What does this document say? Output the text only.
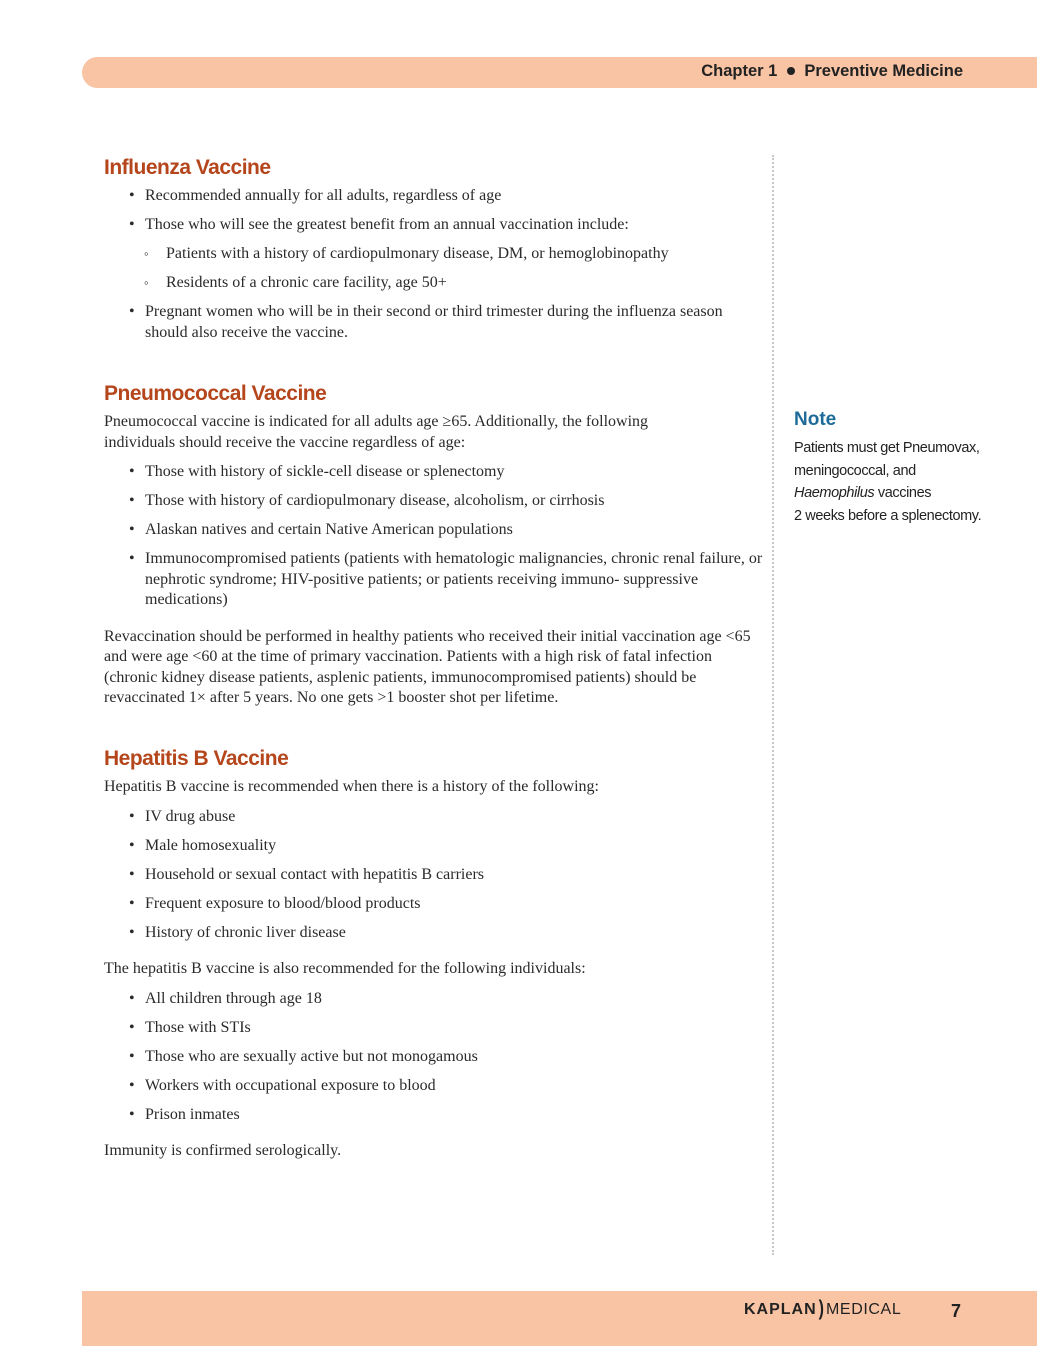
Chapter 1 Preventive Medicine
Influenza Vaccine
• Recommended annually for all adults, regardless of age
• Those who will see the greatest benefit from an annual vaccination include:
◦ Patients with a history of cardiopulmonary disease, DM, or hemoglobinopathy
◦ Residents of a chronic care facility, age 50+
• Pregnant women who will be in their second or third trimester during the influenza season should also receive the vaccine.
Pneumococcal Vaccine

Pneumococcal vaccine is indicated for all adults age ≥65. Additionally, the following individuals should receive the vaccine regardless of age:

• Those with history of sickle-cell disease or splenectomy
• Those with history of cardiopulmonary disease, alcoholism, or cirrhosis
• Alaskan natives and certain Native American populations
• Immunocompromised patients (patients with hematologic malignancies, chronic renal failure, or nephrotic syndrome; HIV-positive patients; or patients receiving immuno- suppressive medications)

Revaccination should be performed in healthy patients who received their initial vaccination age <65 and were age <60 at the time of primary vaccination. Patients with a high risk of fatal infection (chronic kidney disease patients, asplenic patients, immunocompromised patients) should be revaccinated 1× after 5 years. No one gets >1 booster shot per lifetime.

Hepatitis B Vaccine

Hepatitis B vaccine is recommended when there is a history of the following:

• IV drug abuse
• Male homosexuality
• Household or sexual contact with hepatitis B carriers
• Frequent exposure to blood/blood products
• History of chronic liver disease

The hepatitis B vaccine is also recommended for the following individuals:

• All children through age 18
• Those with STIs
• Those who are sexually active but not monogamous
• Workers with occupational exposure to blood
• Prison inmates

Immunity is confirmed serologically.

Note
Patients must get Pneumovax,
meningococcal, and
Haemophilus vaccines
2 weeks before a splenectomy.
KAPLAN ) MEDICAL	7
